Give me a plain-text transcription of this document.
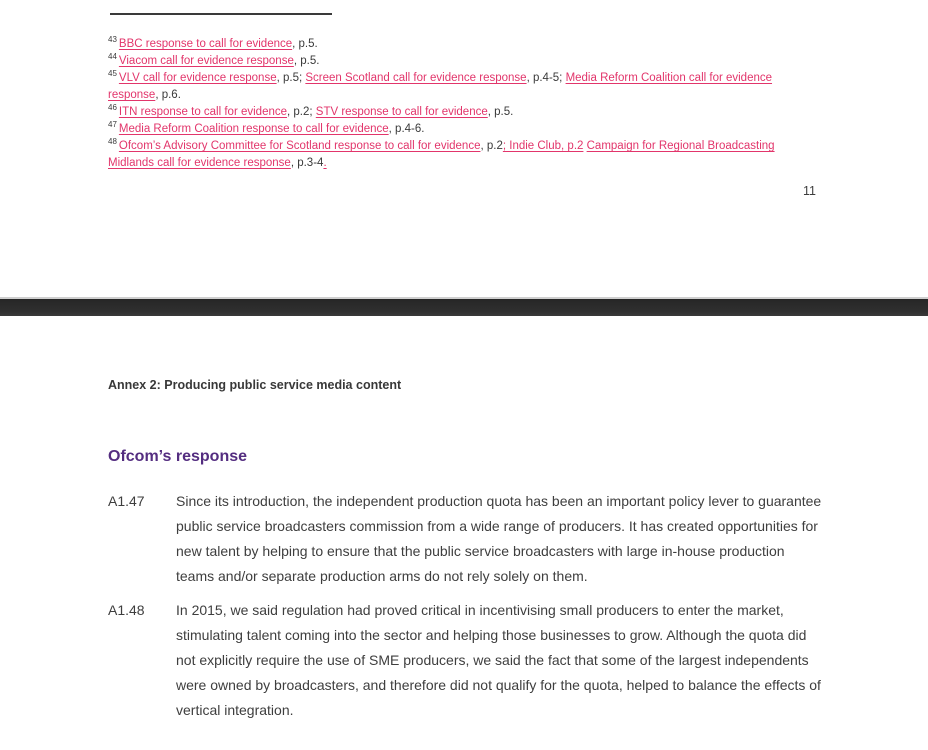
$^{43}$ BBC response to call for evidence, p.5.
$^{44}$ Viacom call for evidence response, p.5.
$^{45}$ VLV call for evidence response, p.5; Screen Scotland call for evidence response, p.4-5; Media Reform Coalition call for evidence response, p.6.
$^{46}$ ITN response to call for evidence, p.2; STV response to call for evidence, p.5.
$^{47}$ Media Reform Coalition response to call for evidence, p.4-6.
$^{48}$ Ofcom’s Advisory Committee for Scotland response to call for evidence, p.2; Indie Club, p.2 Campaign for Regional Broadcasting Midlands call for evidence response, p.3-4.
11
Annex 2: Producing public service media content
Ofcom’s response
A1.47	Since its introduction, the independent production quota has been an important policy lever to guarantee public service broadcasters commission from a wide range of producers. It has created opportunities for new talent by helping to ensure that the public service broadcasters with large in-house production teams and/or separate production arms do not rely solely on them.
A1.48	In 2015, we said regulation had proved critical in incentivising small producers to enter the market, stimulating talent coming into the sector and helping those businesses to grow. Although the quota did not explicitly require the use of SME producers, we said the fact that some of the largest independents were owned by broadcasters, and therefore did not qualify for the quota, helped to balance the effects of vertical integration.
